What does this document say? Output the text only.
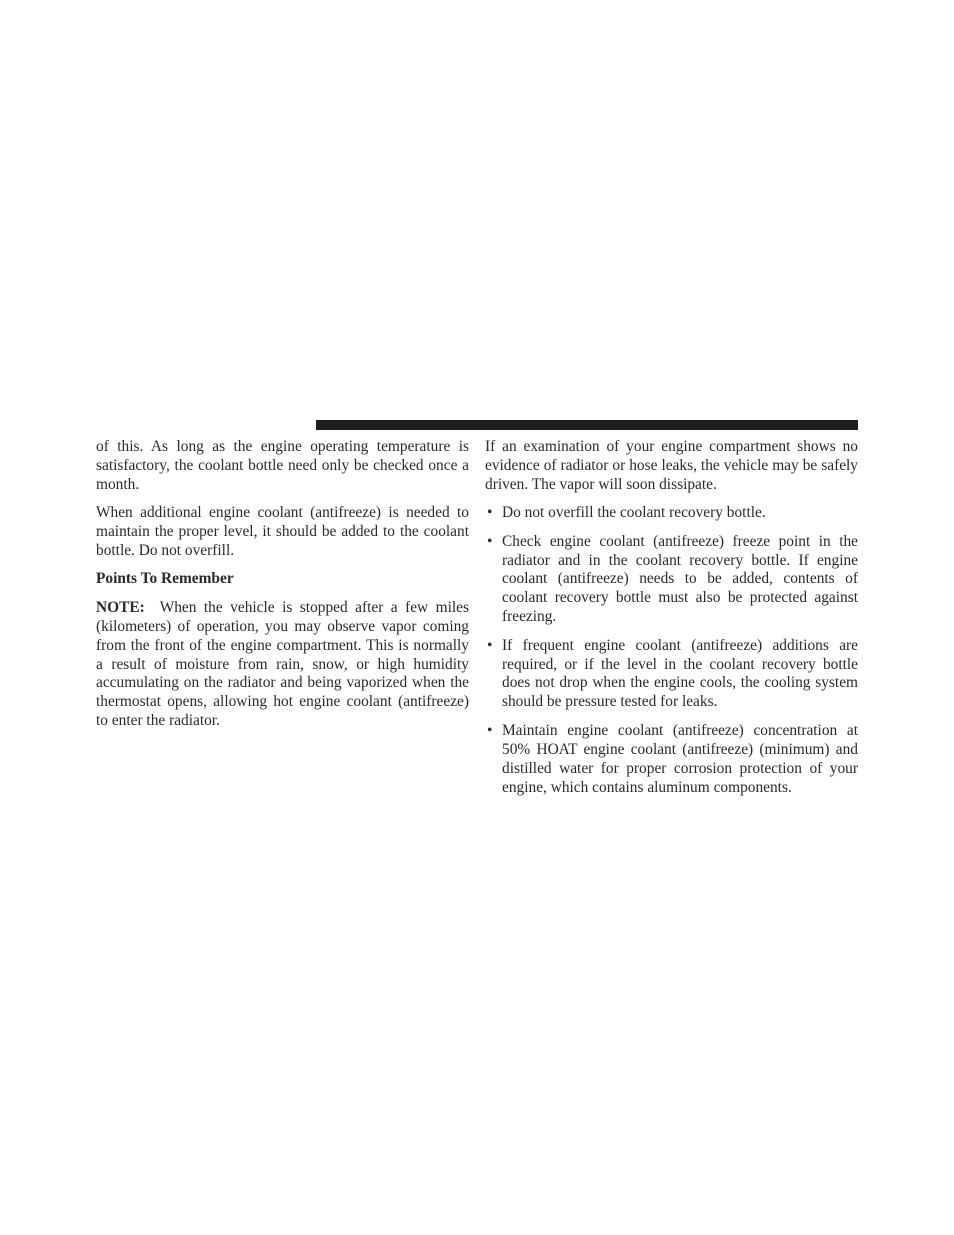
of this. As long as the engine operating temperature is satisfactory, the coolant bottle need only be checked once a month.

When additional engine coolant (antifreeze) is needed to maintain the proper level, it should be added to the coolant bottle. Do not overfill.

Points To Remember

NOTE: When the vehicle is stopped after a few miles (kilometers) of operation, you may observe vapor coming from the front of the engine compartment. This is normally a result of moisture from rain, snow, or high humidity accumulating on the radiator and being vaporized when the thermostat opens, allowing hot engine coolant (antifreeze) to enter the radiator.

If an examination of your engine compartment shows no evidence of radiator or hose leaks, the vehicle may be safely driven. The vapor will soon dissipate.

• Do not overfill the coolant recovery bottle.
• Check engine coolant (antifreeze) freeze point in the radiator and in the coolant recovery bottle. If engine coolant (antifreeze) needs to be added, contents of coolant recovery bottle must also be protected against freezing.
• If frequent engine coolant (antifreeze) additions are required, or if the level in the coolant recovery bottle does not drop when the engine cools, the cooling system should be pressure tested for leaks.
• Maintain engine coolant (antifreeze) concentration at 50% HOAT engine coolant (antifreeze) (minimum) and distilled water for proper corrosion protection of your engine, which contains aluminum components.
